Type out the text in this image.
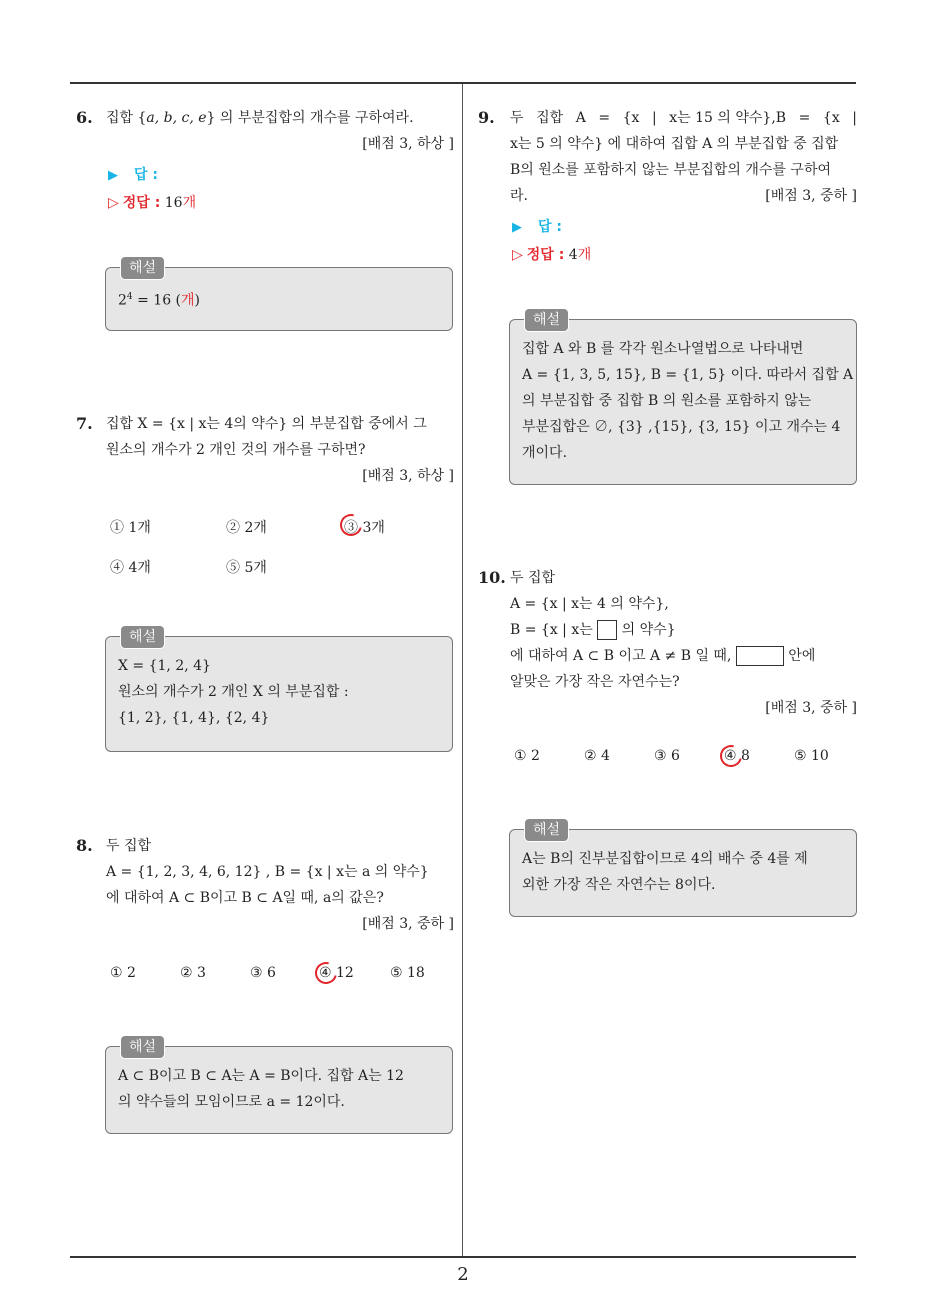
2
6. 집합 {a, b, c, e} 의 부분집합의 개수를 구하여라.
[배점 3, 하상 ]
▶ 답 :
▷ 정답 : 16개
해설
$2^4 = 16$ (개)
7. 집합 X = {x | x는 4의 약수} 의 부분집합 중에서 그
원소의 개수가 2 개인 것의 개수를 구하면?
[배점 3, 하상 ]
① 1개	② 2개	③ 3개
④ 4개	⑤ 5개
해설
X = {1, 2, 4}
원소의 개수가 2 개인 X 의 부분집합 :
{1, 2}, {1, 4}, {2, 4}
8. 두 집합
A = {1, 2, 3, 4, 6, 12} , B = {x | x는 a 의 약수}
에 대하여 A ⊂ B이고 B ⊂ A일 때, a의 값은?
[배점 3, 중하 ]
① 2	② 3	③ 6	④ 12	⑤ 18
해설
A ⊂ B이고 B ⊂ A는 A = B이다. 집합 A는 12
의 약수들의 모임이므로 a = 12이다.
9. 두 집합 A = {x | x는 15 의 약수},B = {x |
x는 5 의 약수} 에 대하여 집합 A 의 부분집합 중 집합
B의 원소를 포함하지 않는 부분집합의 개수를 구하여
라.	[배점 3, 중하 ]
▶ 답 :
▷ 정답 : 4개
해설
집합 A 와 B 를 각각 원소나열법으로 나타내면
A = {1, 3, 5, 15}, B = {1, 5} 이다. 따라서 집합 A
의 부분집합 중 집합 B 의 원소를 포함하지 않는
부분집합은 ∅, {3} ,{15}, {3, 15} 이고 개수는 4
개이다.
10. 두 집합
A = {x | x는 4 의 약수},
B = {x | x는 의 약수}
에 대하여 A ⊂ B 이고 A ≠ B 일 때,	안에
알맞은 가장 작은 자연수는?
[배점 3, 중하 ]
① 2	② 4	③ 6	④ 8	⑤ 10
해설
A는 B의 진부분집합이므로 4의 배수 중 4를 제
외한 가장 작은 자연수는 8이다.
